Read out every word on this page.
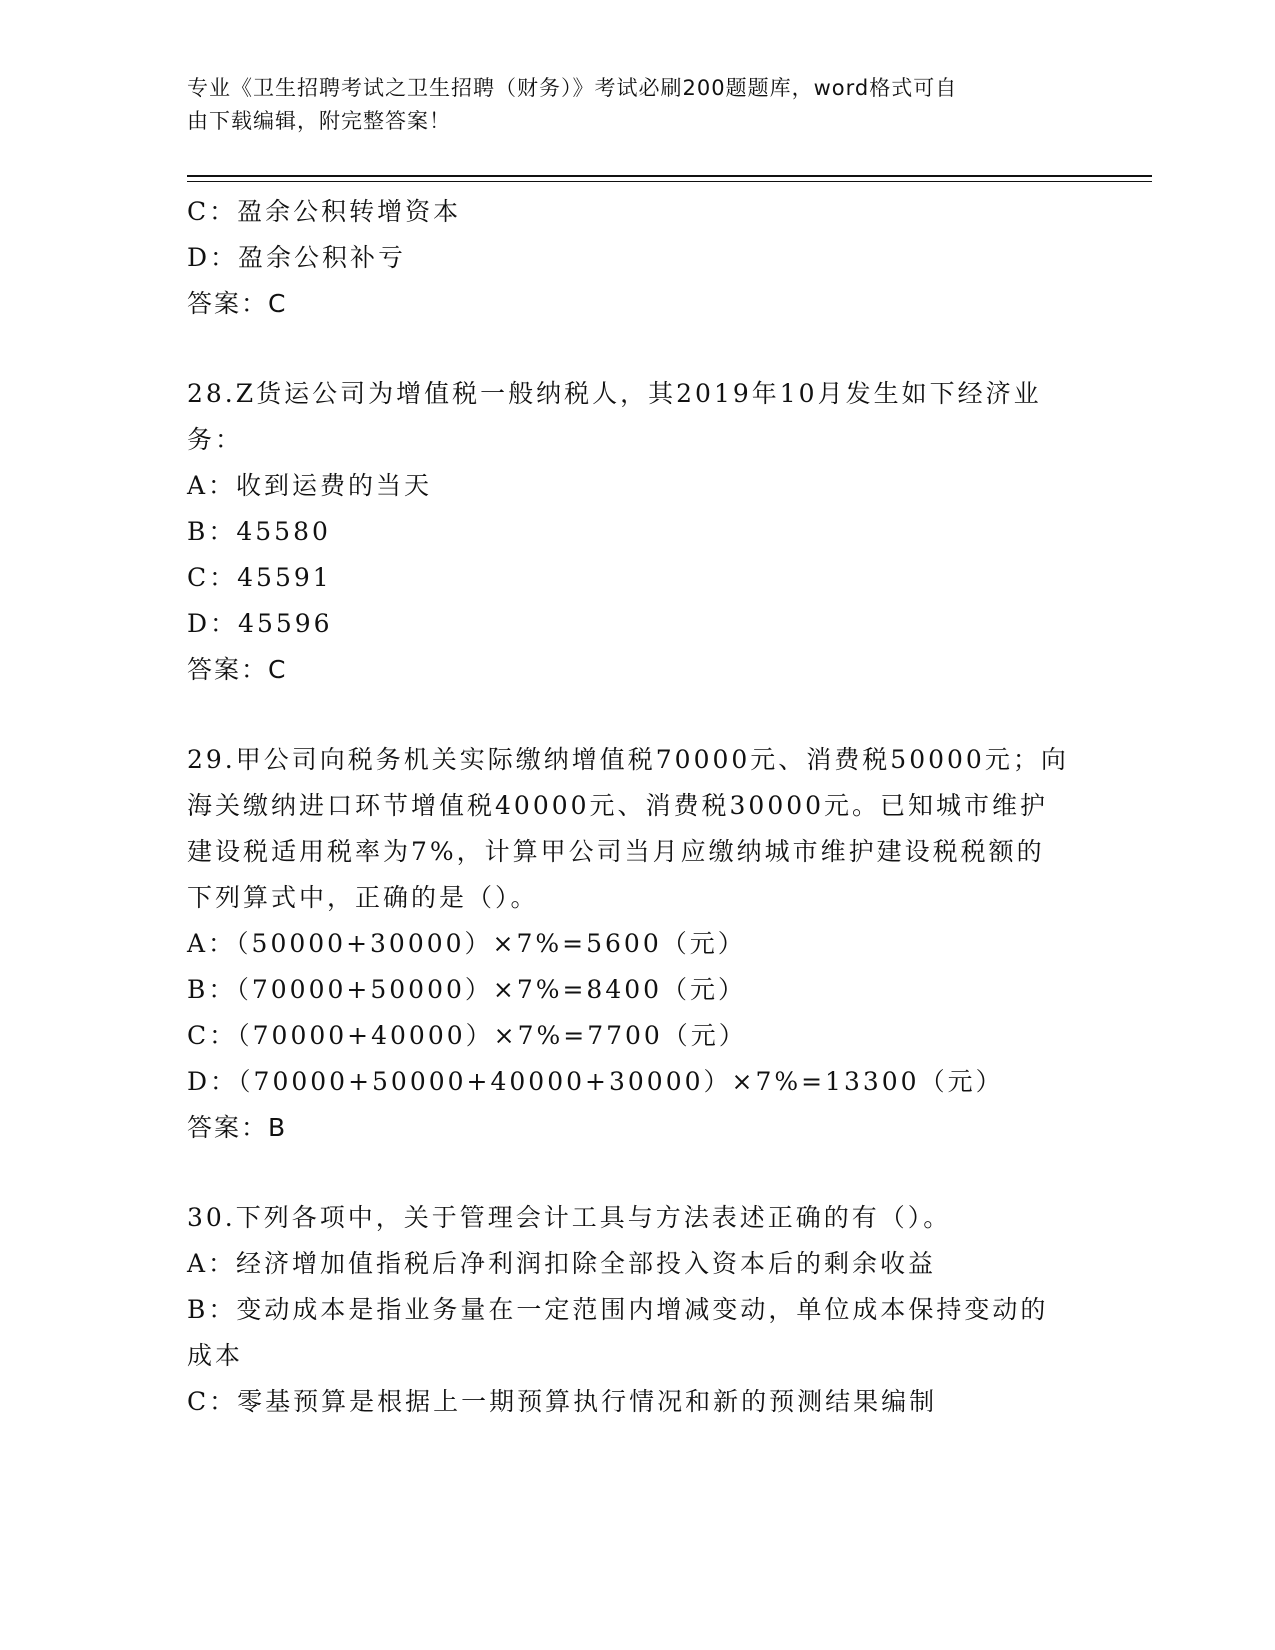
专业《卫生招聘考试之卫生招聘（财务）》考试必刷200题题库，word格式可自
由下载编辑，附完整答案！

C：盈余公积转增资本

D：盈余公积补亏

答案：C

28.Z货运公司为增值税一般纳税人，其2019年10月发生如下经济业

务：

A：收到运费的当天

B：45580

C：45591

D：45596

答案：C

29.甲公司向税务机关实际缴纳增值税70000元、消费税50000元；向

海关缴纳进口环节增值税40000元、消费税30000元。已知城市维护

建设税适用税率为7%，计算甲公司当月应缴纳城市维护建设税税额的

下列算式中，正确的是（）。

A：（50000+30000）×7%=5600（元）

B：（70000+50000）×7%=8400（元）

C：（70000+40000）×7%=7700（元）

D：（70000+50000+40000+30000）×7%=13300（元）

答案：B

30.下列各项中，关于管理会计工具与方法表述正确的有（）。

A：经济增加值指税后净利润扣除全部投入资本后的剩余收益

B：变动成本是指业务量在一定范围内增减变动，单位成本保持变动的

成本

C：零基预算是根据上一期预算执行情况和新的预测结果编制
